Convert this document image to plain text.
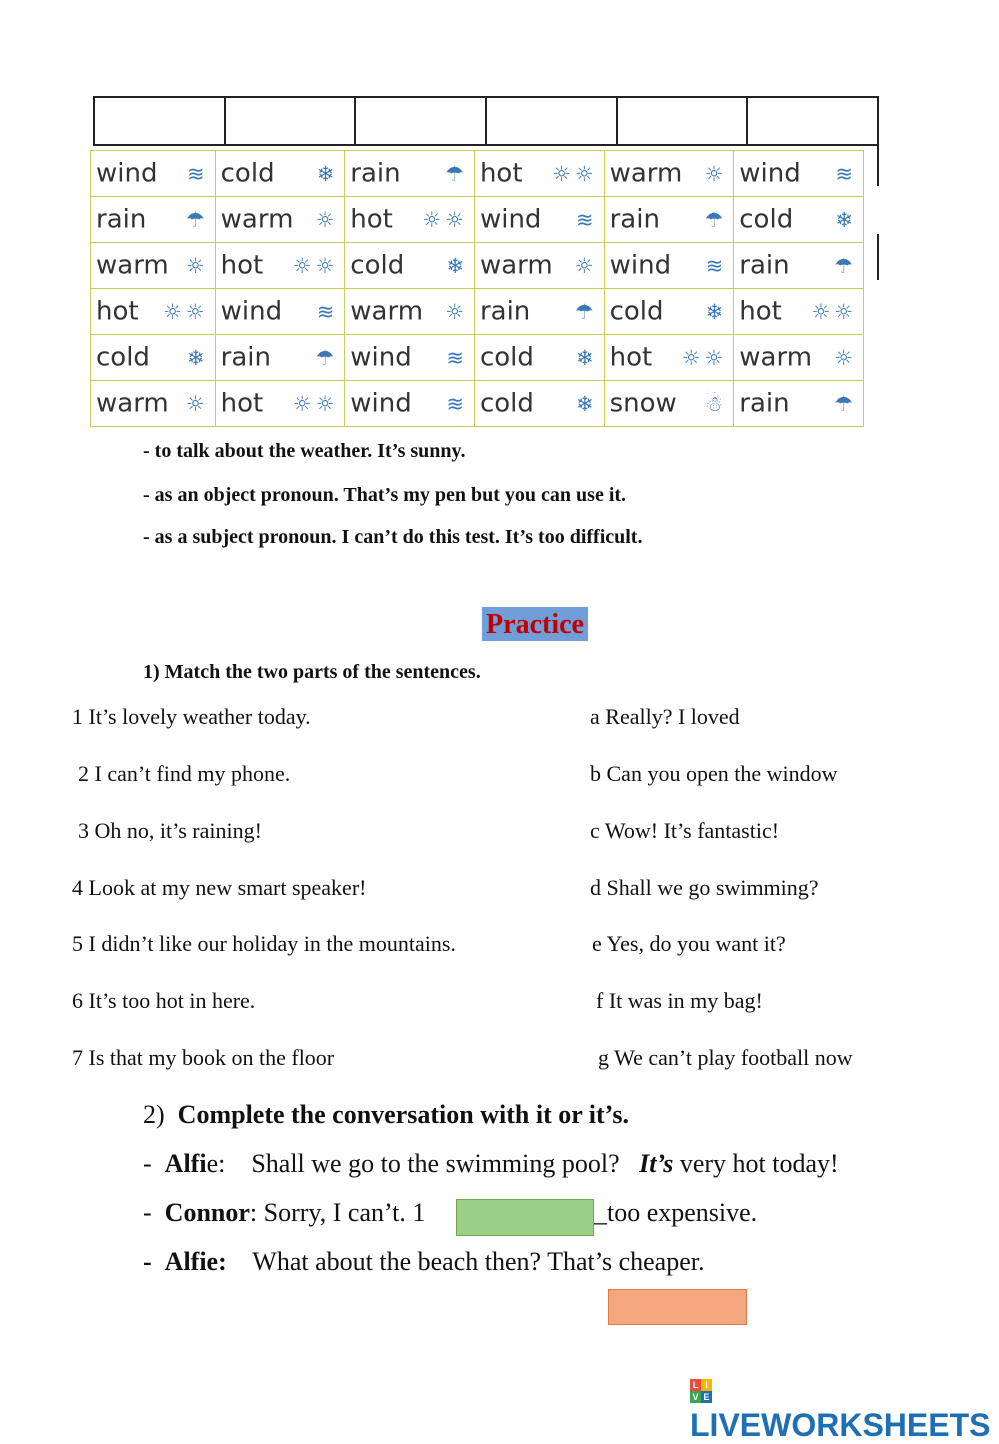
wind ≋	cold ❄	rain ☂	hot ☼☼	warm ☼	wind ≋

rain ☂	warm ☼	hot ☼☼	wind ≋	rain ☂	cold ❄

warm ☼	hot ☼☼	cold ❄	warm ☼	wind ≋	rain ☂

hot ☼☼	wind ≋	warm ☼	rain ☂	cold ❄	hot ☼☼

cold ❄	rain ☂	wind ≋	cold ❄	hot ☼☼	warm ☼

warm ☼	hot ☼☼	wind ≋	cold ❄	snow ☃	rain ☂
- to talk about the weather. It’s sunny.
- as an object pronoun. That’s my pen but you can use it.
- as a subject pronoun. I can’t do this test. It’s too difficult.
Practice
1) Match the two parts of the sentences.
1 It’s lovely weather today.
2 I can’t find my phone.
3 Oh no, it’s raining!
4 Look at my new smart speaker!
5 I didn’t like our holiday in the mountains.
6 It’s too hot in here.
7 Is that my book on the floor
a Really? I loved
b Can you open the window
c Wow! It’s fantastic!
d Shall we go swimming?
e Yes, do you want it?
f It was in my bag!
g We can’t play football now
2) Complete the conversation with it or it’s.
- Alfie: Shall we go to the swimming pool? It’s very hot today!
- Connor: Sorry, I can’t. 1	_too expensive.
- Alfie: What about the beach then? That’s cheaper.
L IV ELIVEWORKSHEETS
